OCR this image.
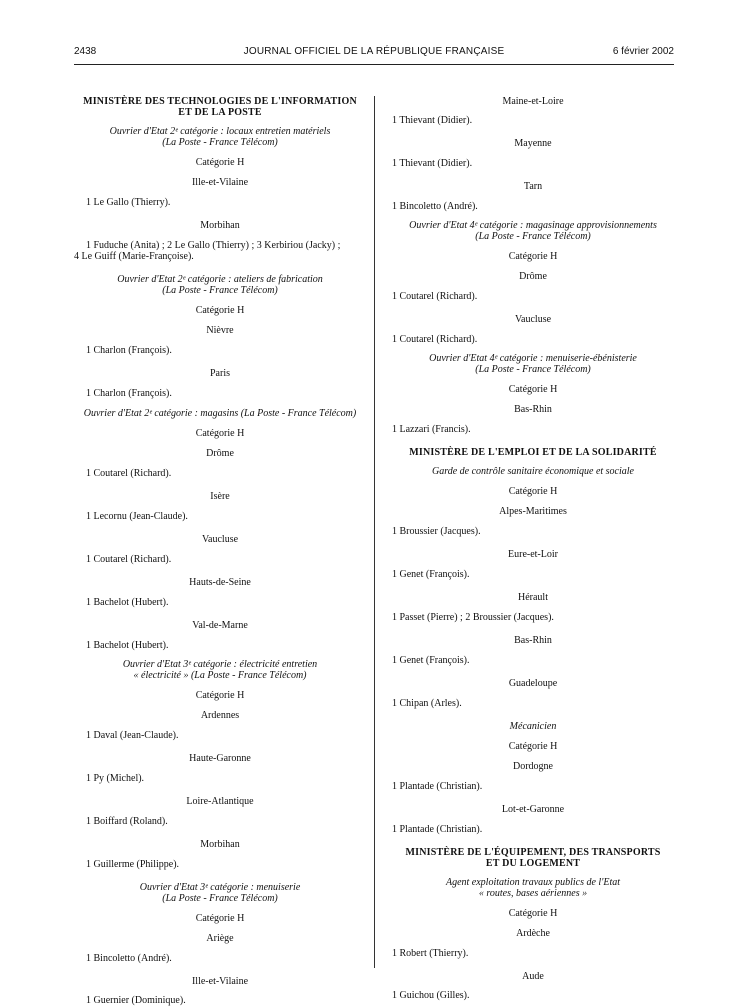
2438	JOURNAL OFFICIEL DE LA RÉPUBLIQUE FRANÇAISE	6 février 2002
MINISTÈRE DES TECHNOLOGIES DE L'INFORMATION
ET DE LA POSTE
Ouvrier d'Etat 2ᵉ catégorie : locaux entretien matériels
(La Poste - France Télécom)
Catégorie H
Ille-et-Vilaine
1 Le Gallo (Thierry).
Morbihan
1 Fuduche (Anita) ; 2 Le Gallo (Thierry) ; 3 Kerbiriou (Jacky) ;
4 Le Guiff (Marie-Françoise).
Ouvrier d'Etat 2ᵉ catégorie : ateliers de fabrication
(La Poste - France Télécom)
Catégorie H
Nièvre
1 Charlon (François).
Paris
1 Charlon (François).
Ouvrier d'Etat 2ᵉ catégorie : magasins (La Poste - France Télécom)
Catégorie H
Drôme
1 Coutarel (Richard).
Isère
1 Lecornu (Jean-Claude).
Vaucluse
1 Coutarel (Richard).
Hauts-de-Seine
1 Bachelot (Hubert).
Val-de-Marne
1 Bachelot (Hubert).
Ouvrier d'Etat 3ᵉ catégorie : électricité entretien
« électricité » (La Poste - France Télécom)
Catégorie H
Ardennes
1 Daval (Jean-Claude).
Haute-Garonne
1 Py (Michel).
Loire-Atlantique
1 Boiffard (Roland).
Morbihan
1 Guillerme (Philippe).
Ouvrier d'Etat 3ᵉ catégorie : menuiserie
(La Poste - France Télécom)
Catégorie H
Ariège
1 Bincoletto (André).
Ille-et-Vilaine
1 Guernier (Dominique).
Maine-et-Loire
1 Thievant (Didier).
Mayenne
1 Thievant (Didier).
Tarn
1 Bincoletto (André).
Ouvrier d'Etat 4ᵉ catégorie : magasinage approvisionnements
(La Poste - France Télécom)
Catégorie H
Drôme
1 Coutarel (Richard).
Vaucluse
1 Coutarel (Richard).
Ouvrier d'Etat 4ᵉ catégorie : menuiserie-ébénisterie
(La Poste - France Télécom)
Catégorie H
Bas-Rhin
1 Lazzari (Francis).
MINISTÈRE DE L'EMPLOI ET DE LA SOLIDARITÉ
Garde de contrôle sanitaire économique et sociale
Catégorie H
Alpes-Maritimes
1 Broussier (Jacques).
Eure-et-Loir
1 Genet (François).
Hérault
1 Passet (Pierre) ; 2 Broussier (Jacques).
Bas-Rhin
1 Genet (François).
Guadeloupe
1 Chipan (Arles).
Mécanicien
Catégorie H
Dordogne
1 Plantade (Christian).
Lot-et-Garonne
1 Plantade (Christian).
MINISTÈRE DE L'ÉQUIPEMENT, DES TRANSPORTS
ET DU LOGEMENT
Agent exploitation travaux publics de l'Etat
« routes, bases aériennes »
Catégorie H
Ardèche
1 Robert (Thierry).
Aude
1 Guichou (Gilles).
